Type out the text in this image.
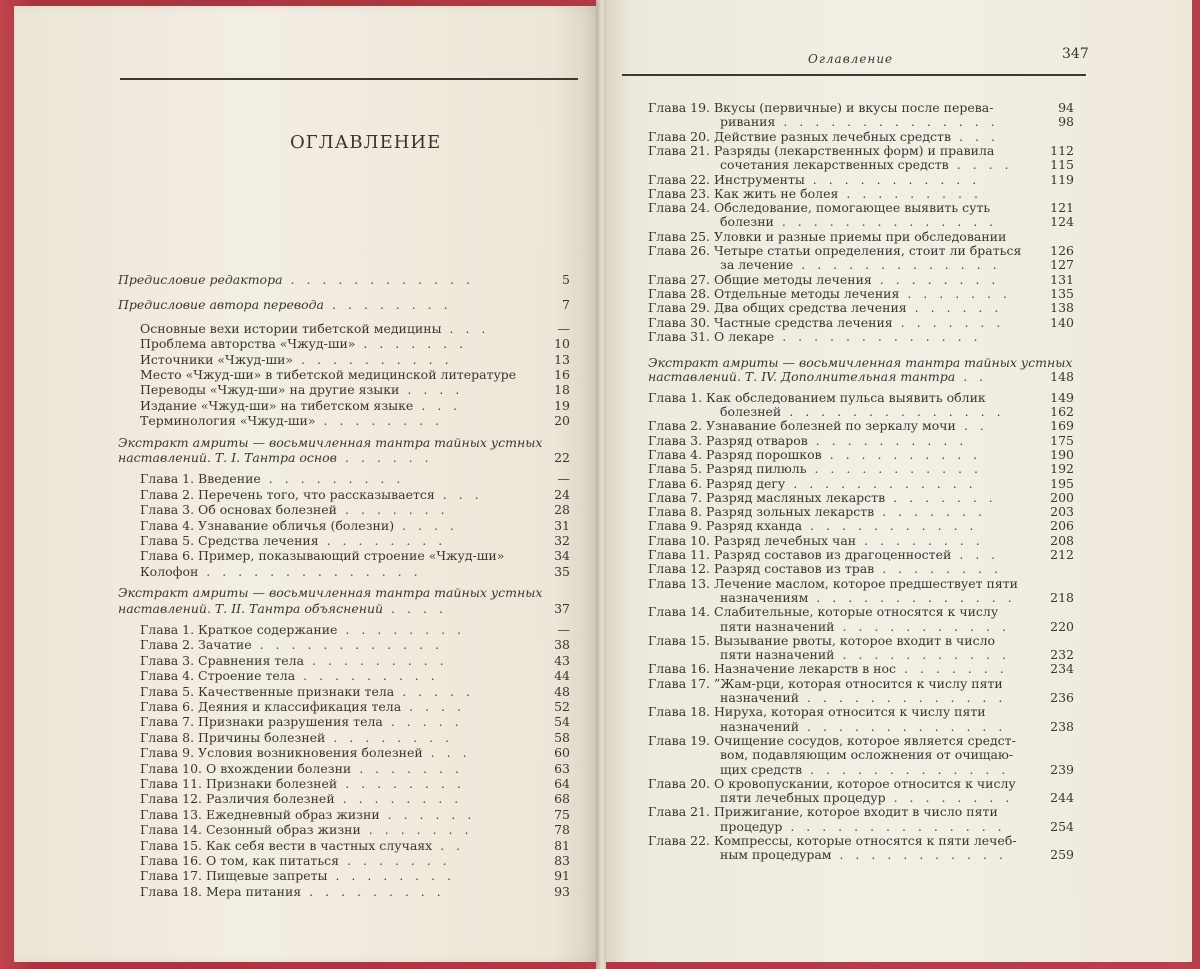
ОГЛАВЛЕНИЕ
Оглавление	347
Предисловие редактора . . . . . . . . . . . .	5
Предисловие автора перевода . . . . . . . .	7
Основные вехи истории тибетской медицины . . .	—
Проблема авторства «Чжуд-ши» . . . . . . .	10
Источники «Чжуд-ши» . . . . . . . . . .	13
Место «Чжуд-ши» в тибетской медицинской литературе	16
Переводы «Чжуд-ши» на другие языки . . . .	18
Издание «Чжуд-ши» на тибетском языке . . .	19
Терминология «Чжуд-ши» . . . . . . . .	20
Экстракт амриты — восьмичленная тантра тайных устных
наставлений. Т. I. Тантра основ . . . . . .	22
Глава 1. Введение . . . . . . . . .	—
Глава 2. Перечень того, что рассказывается . . .	24
Глава 3. Об основах болезней . . . . . . .	28
Глава 4. Узнавание обличья (болезни) . . . .	31
Глава 5. Средства лечения . . . . . . . .	32
Глава 6. Пример, показывающий строение «Чжуд-ши»	34
Колофон . . . . . . . . . . . . . .	35
Экстракт амриты — восьмичленная тантра тайных устных
наставлений. Т. II. Тантра объяснений . . . .	37
Глава 1. Краткое содержание . . . . . . . .	—
Глава 2. Зачатие . . . . . . . . . . . .	38
Глава 3. Сравнения тела . . . . . . . . .	43
Глава 4. Строение тела . . . . . . . . .	44
Глава 5. Качественные признаки тела . . . . .	48
Глава 6. Деяния и классификация тела . . . .	52
Глава 7. Признаки разрушения тела . . . . .	54
Глава 8. Причины болезней . . . . . . . .	58
Глава 9. Условия возникновения болезней . . .	60
Глава 10. О вхождении болезни . . . . . . .	63
Глава 11. Признаки болезней . . . . . . . .	64
Глава 12. Различия болезней . . . . . . . .	68
Глава 13. Ежедневный образ жизни . . . . . .	75
Глава 14. Сезонный образ жизни . . . . . . .	78
Глава 15. Как себя вести в частных случаях . .	81
Глава 16. О том, как питаться . . . . . . .	83
Глава 17. Пищевые запреты . . . . . . . .	91
Глава 18. Мера питания . . . . . . . . .	93
Глава 19. Вкусы (первичные) и вкусы после перева-	94
ривания . . . . . . . . . . . . . .	98
Глава 20. Действие разных лечебных средств . . .
Глава 21. Разряды (лекарственных форм) и правила	112
сочетания лекарственных средств . . . .	115
Глава 22. Инструменты . . . . . . . . . . .	119
Глава 23. Как жить не болея . . . . . . . . .
Глава 24. Обследование, помогающее выявить суть	121
болезни . . . . . . . . . . . . . .	124
Глава 25. Уловки и разные приемы при обследовании
Глава 26. Четыре статьи определения, стоит ли браться	126
за лечение . . . . . . . . . . . . .	127
Глава 27. Общие методы лечения . . . . . . . .	131
Глава 28. Отдельные методы лечения . . . . . . .	135
Глава 29. Два общих средства лечения . . . . . .	138
Глава 30. Частные средства лечения . . . . . . .	140
Глава 31. О лекаре . . . . . . . . . . . . .
Экстракт амриты — восьмичленная тантра тайных устных
наставлений. Т. IV. Дополнительная тантра . .	148
Глава 1. Как обследованием пульса выявить облик	149
болезней . . . . . . . . . . . . . .	162
Глава 2. Узнавание болезней по зеркалу мочи . .	169
Глава 3. Разряд отваров . . . . . . . . . .	175
Глава 4. Разряд порошков . . . . . . . . . .	190
Глава 5. Разряд пилюль . . . . . . . . . . .	192
Глава 6. Разряд дегу . . . . . . . . . . . .	195
Глава 7. Разряд масляных лекарств . . . . . . .	200
Глава 8. Разряд зольных лекарств . . . . . . .	203
Глава 9. Разряд кханда . . . . . . . . . . .	206
Глава 10. Разряд лечебных чан . . . . . . . .	208
Глава 11. Разряд составов из драгоценностей . . .	212
Глава 12. Разряд составов из трав . . . . . . . .
Глава 13. Лечение маслом, которое предшествует пяти
назначениям . . . . . . . . . . . . .	218
Глава 14. Слабительные, которые относятся к числу
пяти назначений . . . . . . . . . . .	220
Глава 15. Вызывание рвоты, которое входит в число
пяти назначений . . . . . . . . . . .	232
Глава 16. Назначение лекарств в нос . . . . . . .	234
Глава 17. ”Жам-рци, которая относится к числу пяти
назначений . . . . . . . . . . . . .	236
Глава 18. Нируха, которая относится к числу пяти
назначений . . . . . . . . . . . . .	238
Глава 19. Очищение сосудов, которое является средст-
вом, подавляющим осложнения от очищаю-
щих средств . . . . . . . . . . . . .	239
Глава 20. О кровопускании, которое относится к числу
пяти лечебных процедур . . . . . . . .	244
Глава 21. Прижигание, которое входит в число пяти
процедур . . . . . . . . . . . . . .	254
Глава 22. Компрессы, которые относятся к пяти лечеб-
ным процедурам . . . . . . . . . . .	259
